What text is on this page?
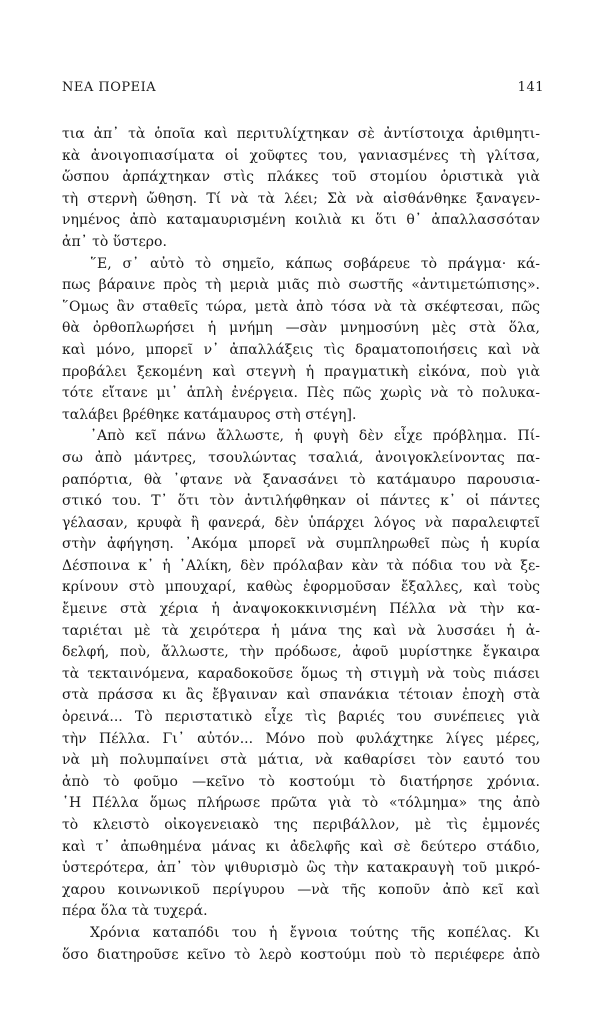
ΝΕΑ ΠΟΡΕΙΑ	141
τια ἀπ᾽ τὰ ὁποῖα καὶ περιτυλίχτηκαν σὲ ἀντίστοιχα ἀριθμητι-
κὰ ἀνοιγοπιασίματα οἱ χοῦφτες του, γανιασμένες τὴ γλίτσα,
ὥσπου ἀρπάχτηκαν στὶς πλάκες τοῦ στομίου ὁριστικὰ γιὰ
τὴ στερνὴ ὤθηση. Τί νὰ τὰ λέει; Σὰ νὰ αἰσθάνθηκε ξαναγεν-
νημένος ἀπὸ καταμαυρισμένη κοιλιὰ κι ὅτι θ᾽ ἀπαλλασσόταν
ἀπ᾽ τὸ ὕστερο.
῞Ε, σ᾽ αὐτὸ τὸ σημεῖο, κάπως σοβάρευε τὸ πράγμα· κά-
πως βάραινε πρὸς τὴ μεριὰ μιᾶς πιὸ σωστῆς «ἀντιμετώπισης».
῞Ομως ἂν σταθεῖς τώρα, μετὰ ἀπὸ τόσα νὰ τὰ σκέφτεσαι, πῶς
θὰ ὀρθοπλωρήσει ἡ μνήμη —σὰν μνημοσύνη μὲς στὰ ὅλα,
καὶ μόνο, μπορεῖ ν᾽ ἀπαλλάξεις τὶς δραματοποιήσεις καὶ νὰ
προβάλει ξεκομένη καὶ στεγνὴ ἡ πραγματικὴ εἰκόνα, ποὺ γιὰ
τότε εἴτανε μι᾽ ἁπλὴ ἐνέργεια. Πὲς πῶς χωρὶς νὰ τὸ πολυκα-
ταλάβει βρέθηκε κατάμαυρος στὴ στέγη].
᾽Απὸ κεῖ πάνω ἄλλωστε, ἡ φυγὴ δὲν εἶχε πρόβλημα. Πί-
σω ἀπὸ μάντρες, τσουλώντας τσαλιά, ἀνοιγοκλείνοντας πα-
ραπόρτια, θὰ ᾽φτανε νὰ ξανασάνει τὸ κατάμαυρο παρουσια-
στικό του. Τ᾽ ὅτι τὸν ἀντιλήφθηκαν οἱ πάντες κ᾽ οἱ πάντες
γέλασαν, κρυφὰ ἢ φανερά, δὲν ὑπάρχει λόγος νὰ παραλειφτεῖ
στὴν ἀφήγηση. ᾽Ακόμα μπορεῖ νὰ συμπληρωθεῖ πὼς ἡ κυρία
Δέσποινα κ᾽ ἡ ᾽Αλίκη, δὲν πρόλαβαν κὰν τὰ πόδια του νὰ ξε-
κρίνουν στὸ μπουχαρί, καθὼς ἐφορμοῦσαν ἔξαλλες, καὶ τοὺς
ἔμεινε στὰ χέρια ἡ ἀναψοκοκκινισμένη Πέλλα νὰ τὴν κα-
ταριέται μὲ τὰ χειρότερα ἡ μάνα της καὶ νὰ λυσσάει ἡ ἀ-
δελφή, ποὺ, ἄλλωστε, τὴν πρόδωσε, ἀφοῦ μυρίστηκε ἔγκαιρα
τὰ τεκταινόμενα, καραδοκοῦσε ὅμως τὴ στιγμὴ νὰ τοὺς πιάσει
στὰ πράσσα κι ἂς ἔβγαιναν καὶ σπανάκια τέτοιαν ἐποχὴ στὰ
ὀρεινά... Τὸ περιστατικὸ εἶχε τὶς βαριές του συνέπειες γιὰ
τὴν Πέλλα. Γι᾽ αὐτόν... Μόνο ποὺ φυλάχτηκε λίγες μέρες,
νὰ μὴ πολυμπαίνει στὰ μάτια, νὰ καθαρίσει τὸν εαυτό του
ἀπὸ τὸ φοῦμο —κεῖνο τὸ κοστούμι τὸ διατήρησε χρόνια.
῾Η Πέλλα ὅμως πλήρωσε πρῶτα γιὰ τὸ «τόλμημα» της ἀπὸ
τὸ κλειστὸ οἰκογενειακὸ της περιβάλλον, μὲ τὶς ἐμμονές
καὶ τ᾽ ἀπωθημένα μάνας κι ἀδελφῆς καὶ σὲ δεύτερο στάδιο,
ὑστερότερα, ἀπ᾽ τὸν ψιθυρισμὸ ὣς τὴν κατακραυγὴ τοῦ μικρό-
χαρου κοινωνικοῦ περίγυρου —νὰ τῆς κοποῦν ἀπὸ κεῖ καὶ
πέρα ὅλα τὰ τυχερά.
Χρόνια καταπόδι του ἡ ἔγνοια τούτης τῆς κοπέλας. Κι
ὅσο διατηροῦσε κεῖνο τὸ λερὸ κοστούμι ποὺ τὸ περιέφερε ἀπὸ
